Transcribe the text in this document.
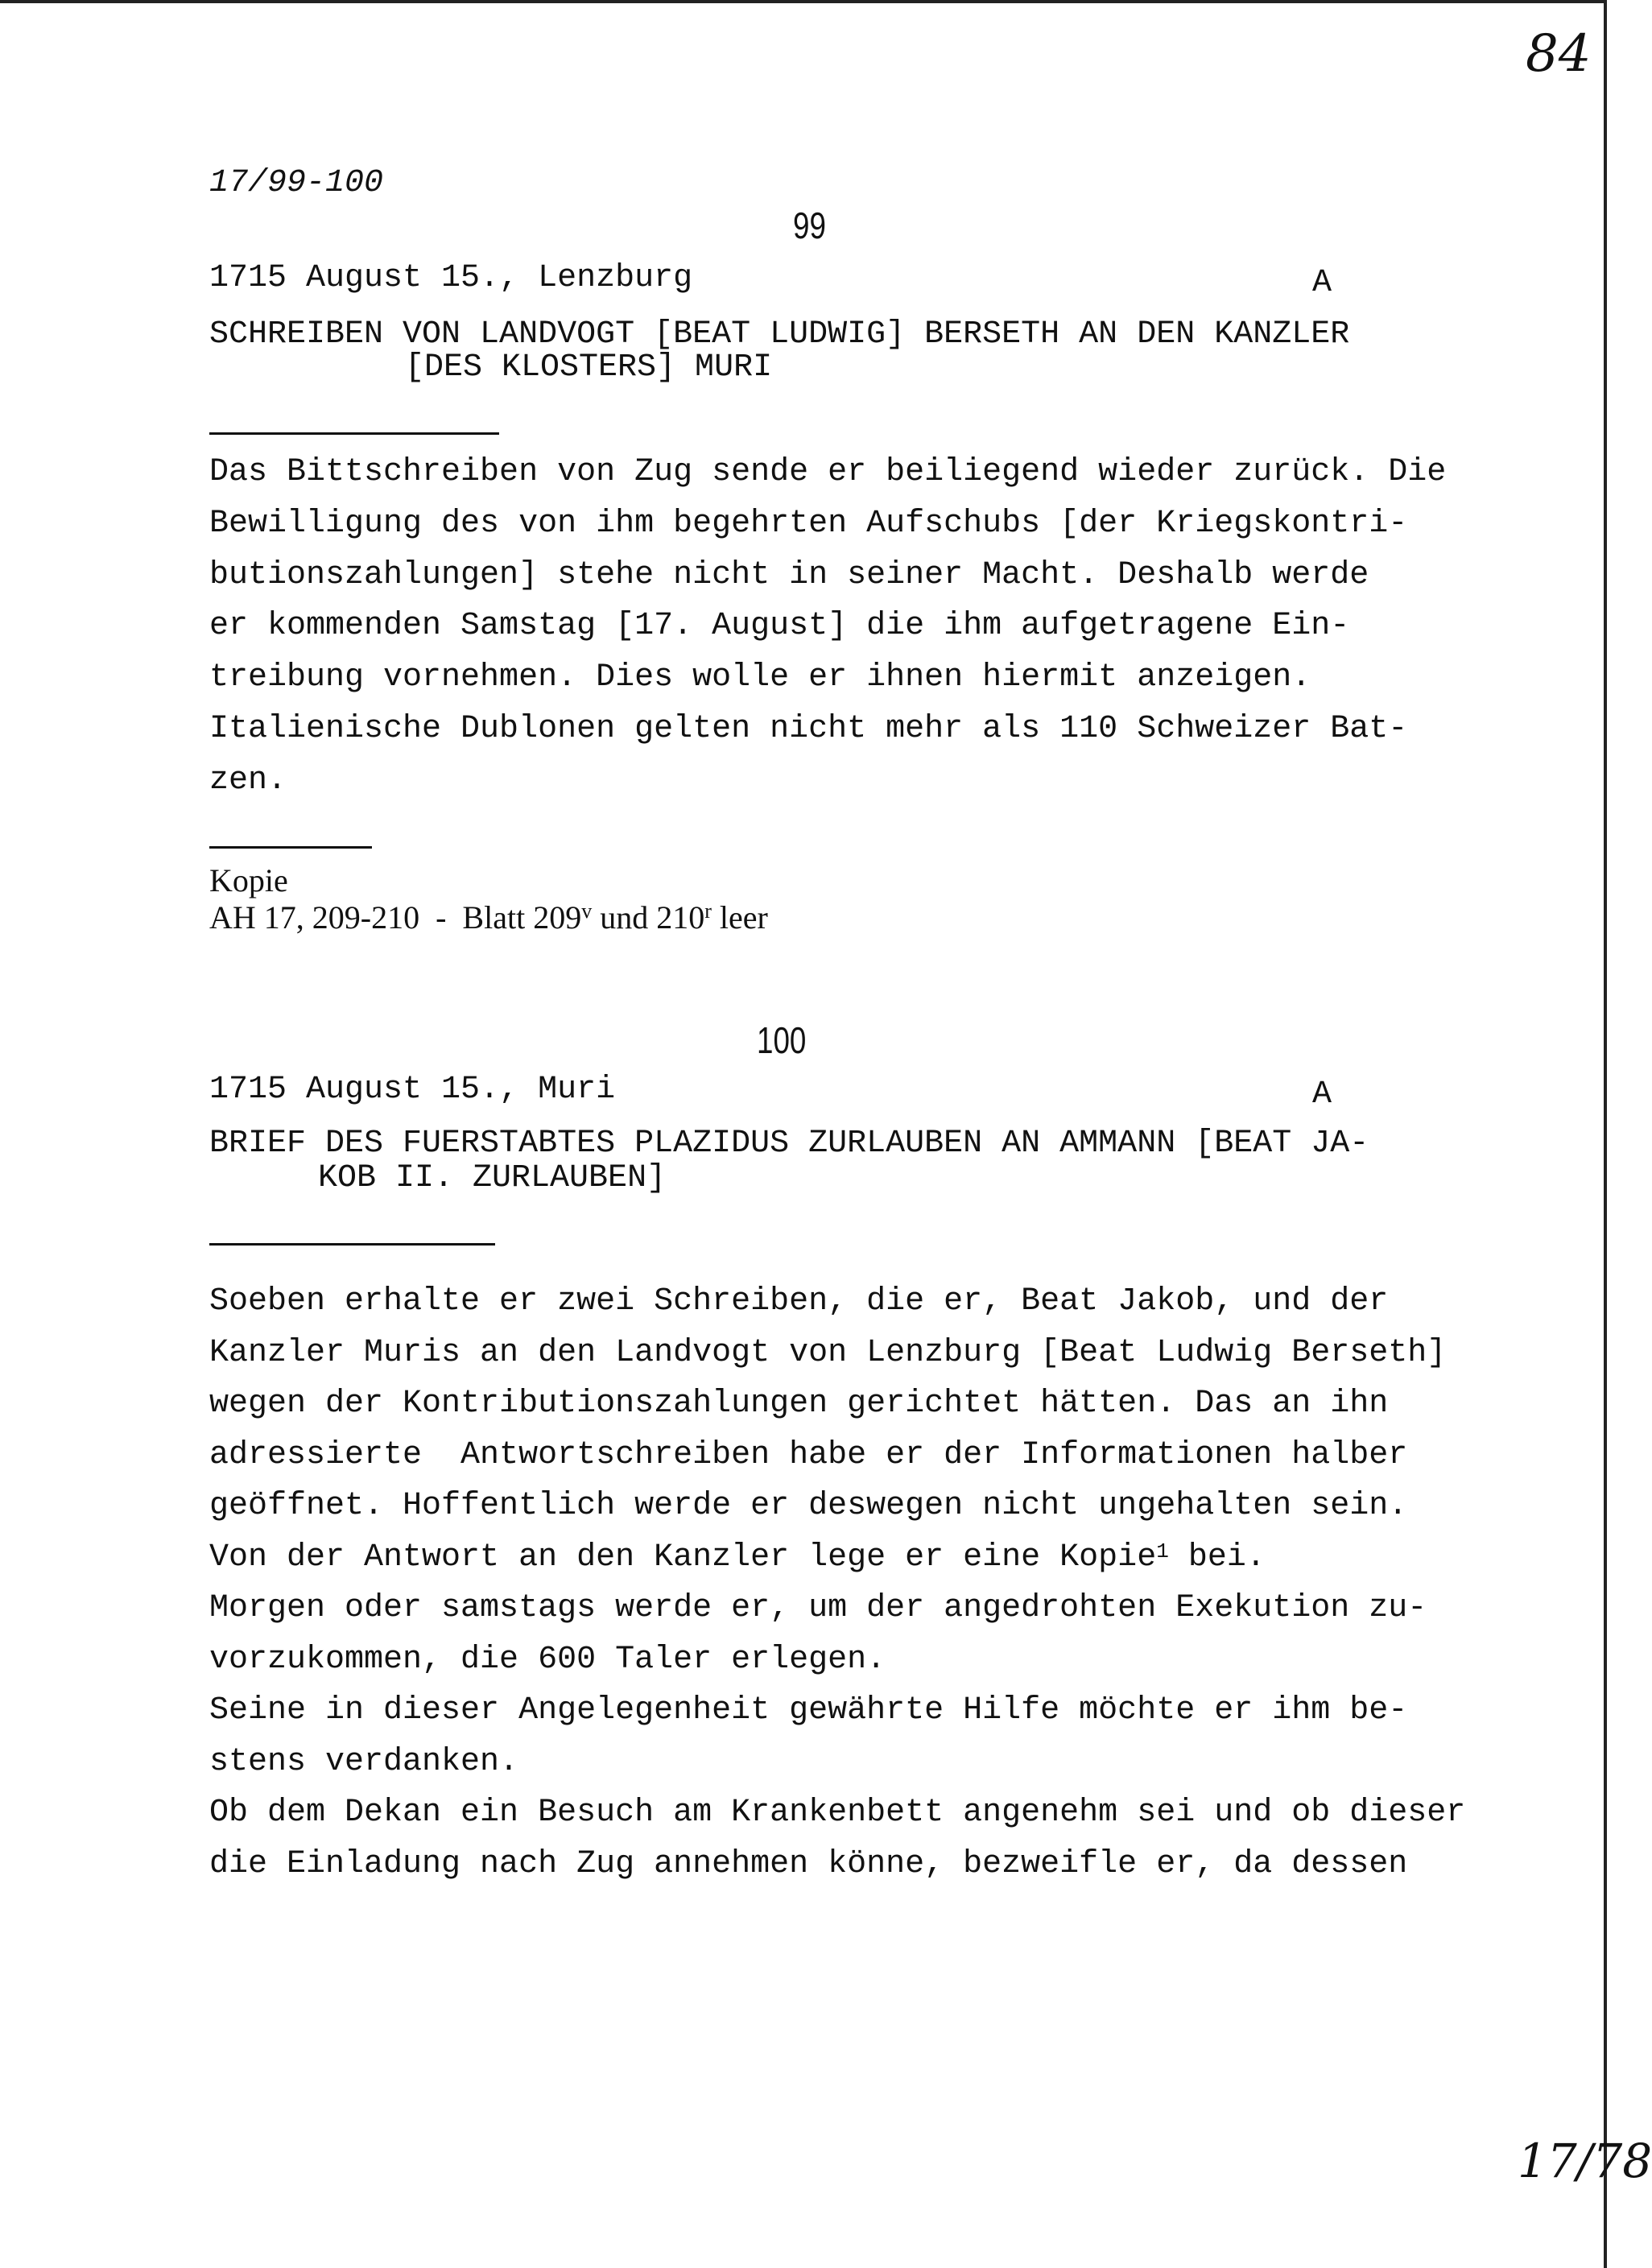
84
17/99-100
99
1715 August 15., Lenzburg	A
SCHREIBEN VON LANDVOGT [BEAT LUDWIG] BERSETH AN DEN KANZLER
[DES KLOSTERS] MURI
Das Bittschreiben von Zug sende er beiliegend wieder zurück. Die
Bewilligung des von ihm begehrten Aufschubs [der Kriegskontri-
butionszahlungen] stehe nicht in seiner Macht. Deshalb werde
er kommenden Samstag [17. August] die ihm aufgetragene Ein-
treibung vornehmen. Dies wolle er ihnen hiermit anzeigen.
Italienische Dublonen gelten nicht mehr als 110 Schweizer Bat-
zen.
Kopie
AH 17, 209-210  -  Blatt 209$^v$ und 210$^r$ leer
100
1715 August 15., Muri	A
BRIEF DES FUERSTABTES PLAZIDUS ZURLAUBEN AN AMMANN [BEAT JA-
KOB II. ZURLAUBEN]
Soeben erhalte er zwei Schreiben, die er, Beat Jakob, und der
Kanzler Muris an den Landvogt von Lenzburg [Beat Ludwig Berseth]
wegen der Kontributionszahlungen gerichtet hätten. Das an ihn
adressierte  Antwortschreiben habe er der Informationen halber
geöffnet. Hoffentlich werde er deswegen nicht ungehalten sein.
Von der Antwort an den Kanzler lege er eine Kopie$^1$ bei.
Morgen oder samstags werde er, um der angedrohten Exekution zu-
vorzukommen, die 600 Taler erlegen.
Seine in dieser Angelegenheit gewährte Hilfe möchte er ihm be-
stens verdanken.
Ob dem Dekan ein Besuch am Krankenbett angenehm sei und ob dieser
die Einladung nach Zug annehmen könne, bezweifle er, da dessen
17/78
